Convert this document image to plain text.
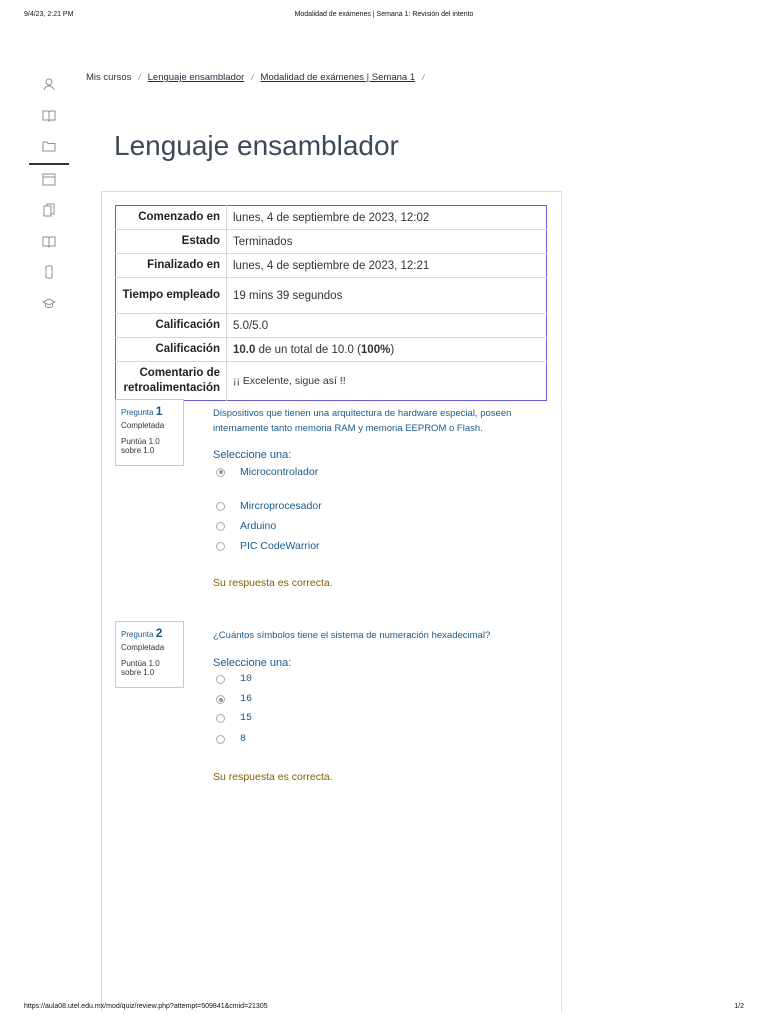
9/4/23, 2:21 PM	Modalidad de exámenes | Semana 1: Revisión del intento
Mis cursos / Lenguaje ensamblador / Modalidad de exámenes | Semana 1 /
Lenguaje ensamblador
Comenzado en	lunes, 4 de septiembre de 2023, 12:02
Estado	Terminados
Finalizado en	lunes, 4 de septiembre de 2023, 12:21
Tiempo empleado	19 mins 39 segundos
Calificación	5.0/5.0
Calificación	10.0 de un total de 10.0 (100%)
Comentario de retroalimentación	¡¡ Excelente, sigue así !!
Pregunta 1
Completada
Puntúa 1.0
sobre 1.0
Dispositivos que tienen una arquitectura de hardware especial, poseen internamente tanto memoria RAM y memoria EEPROM o Flash.
Seleccione una:
Microcontrolador
Mircroprocesador
Arduino
PIC CodeWarrior
Su respuesta es correcta.
Pregunta 2
Completada
Puntúa 1.0
sobre 1.0
¿Cuántos símbolos tiene el sistema de numeración hexadecimal?
Seleccione una:
10
16
15
8
Su respuesta es correcta.
https://aula08.utel.edu.mx/mod/quiz/review.php?attempt=509841&cmid=21305	1/2
